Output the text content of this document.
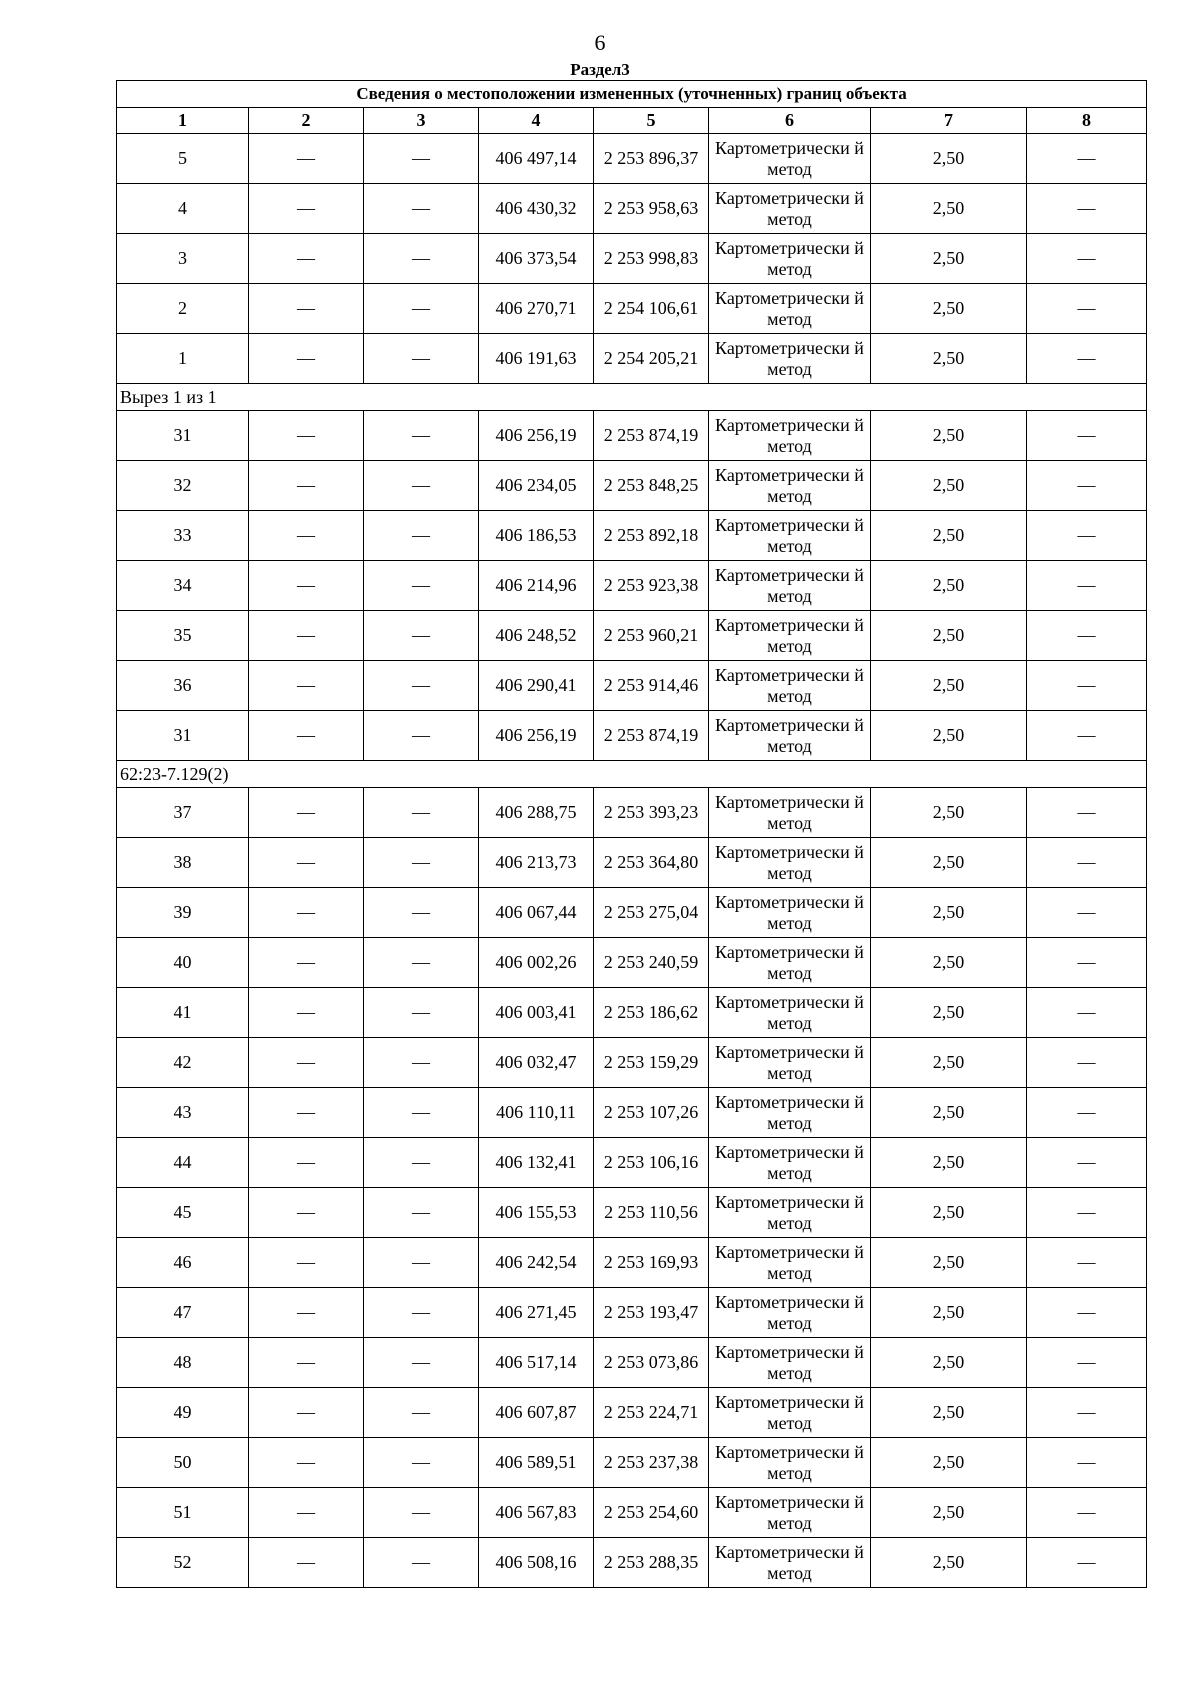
6
Раздел3
Сведения о местоположении измененных (уточненных) границ объекта							
1	2	3	4	5	6	7	8
5	—	—	406 497,14	2 253 896,37	Картометрически й метод	2,50	—
4	—	—	406 430,32	2 253 958,63	Картометрически й метод	2,50	—
3	—	—	406 373,54	2 253 998,83	Картометрически й метод	2,50	—
2	—	—	406 270,71	2 254 106,61	Картометрически й метод	2,50	—
1	—	—	406 191,63	2 254 205,21	Картометрически й метод	2,50	—
Вырез 1 из 1							
31	—	—	406 256,19	2 253 874,19	Картометрически й метод	2,50	—
32	—	—	406 234,05	2 253 848,25	Картометрически й метод	2,50	—
33	—	—	406 186,53	2 253 892,18	Картометрически й метод	2,50	—
34	—	—	406 214,96	2 253 923,38	Картометрически й метод	2,50	—
35	—	—	406 248,52	2 253 960,21	Картометрически й метод	2,50	—
36	—	—	406 290,41	2 253 914,46	Картометрически й метод	2,50	—
31	—	—	406 256,19	2 253 874,19	Картометрически й метод	2,50	—
62:23-7.129(2)							
37	—	—	406 288,75	2 253 393,23	Картометрически й метод	2,50	—
38	—	—	406 213,73	2 253 364,80	Картометрически й метод	2,50	—
39	—	—	406 067,44	2 253 275,04	Картометрически й метод	2,50	—
40	—	—	406 002,26	2 253 240,59	Картометрически й метод	2,50	—
41	—	—	406 003,41	2 253 186,62	Картометрически й метод	2,50	—
42	—	—	406 032,47	2 253 159,29	Картометрически й метод	2,50	—
43	—	—	406 110,11	2 253 107,26	Картометрически й метод	2,50	—
44	—	—	406 132,41	2 253 106,16	Картометрически й метод	2,50	—
45	—	—	406 155,53	2 253 110,56	Картометрически й метод	2,50	—
46	—	—	406 242,54	2 253 169,93	Картометрически й метод	2,50	—
47	—	—	406 271,45	2 253 193,47	Картометрически й метод	2,50	—
48	—	—	406 517,14	2 253 073,86	Картометрически й метод	2,50	—
49	—	—	406 607,87	2 253 224,71	Картометрически й метод	2,50	—
50	—	—	406 589,51	2 253 237,38	Картометрически й метод	2,50	—
51	—	—	406 567,83	2 253 254,60	Картометрически й метод	2,50	—
52	—	—	406 508,16	2 253 288,35	Картометрически й метод	2,50	—
